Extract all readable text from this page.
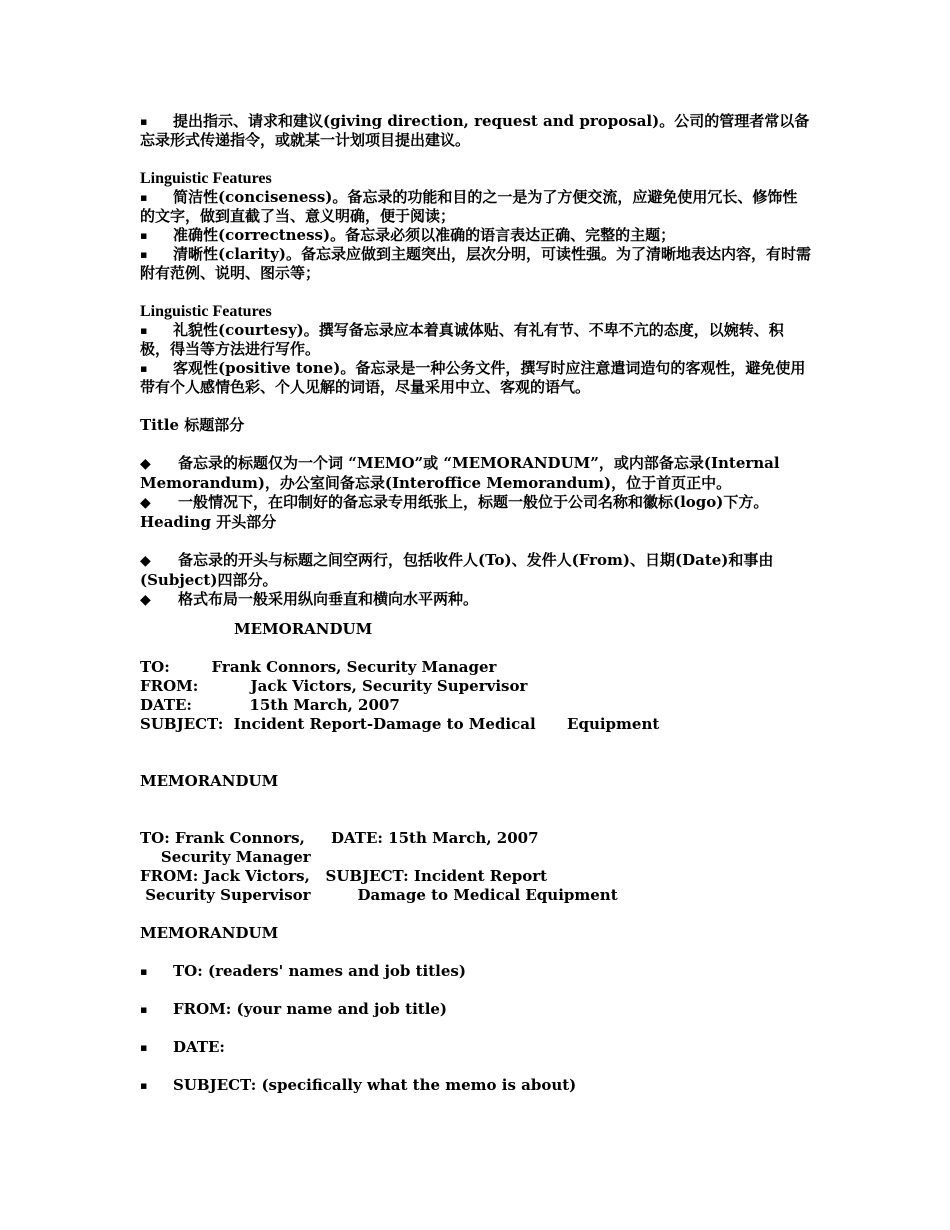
▪ 提出指示、请求和建议(giving direction, request and proposal)。公司的管理者常以备忘录形式传递指令，或就某一计划项目提出建议。

Linguistic Features

▪ 简洁性(conciseness)。备忘录的功能和目的之一是为了方便交流，应避免使用冗长、修饰性的文字，做到直截了当、意义明确，便于阅读；

▪ 准确性(correctness)。备忘录必须以准确的语言表达正确、完整的主题；

▪ 清晰性(clarity)。备忘录应做到主题突出，层次分明，可读性强。为了清晰地表达内容，有时需附有范例、说明、图示等；

Linguistic Features

▪ 礼貌性(courtesy)。撰写备忘录应本着真诚体贴、有礼有节、不卑不亢的态度，以婉转、积极，得当等方法进行写作。

▪ 客观性(positive tone)。备忘录是一种公务文件，撰写时应注意遣词造句的客观性，避免使用带有个人感情色彩、个人见解的词语，尽量采用中立、客观的语气。

Title 标题部分

◆ 备忘录的标题仅为一个词 “MEMO”或 “MEMORANDUM”，或内部备忘录(Internal Memorandum)，办公室间备忘录(Interoffice Memorandum)，位于首页正中。

◆ 一般情况下，在印制好的备忘录专用纸张上，标题一般位于公司名称和徽标(logo)下方。

Heading 开头部分

◆ 备忘录的开头与标题之间空两行，包括收件人(To)、发件人(From)、日期(Date)和事由(Subject)四部分。

◆ 格式布局一般采用纵向垂直和横向水平两种。

MEMORANDUM

TO:        Frank Connors, Security Manager

FROM:          Jack Victors, Security Supervisor

DATE:           15th March, 2007

SUBJECT:  Incident Report-Damage to Medical      Equipment

MEMORANDUM

TO: Frank Connors,     DATE: 15th March, 2007

Security Manager

FROM: Jack Victors,   SUBJECT: Incident Report

Security Supervisor         Damage to Medical Equipment

MEMORANDUM

▪ TO: (readers' names and job titles)

▪ FROM: (your name and job title)

▪ DATE:

▪ SUBJECT: (specifically what the memo is about)
